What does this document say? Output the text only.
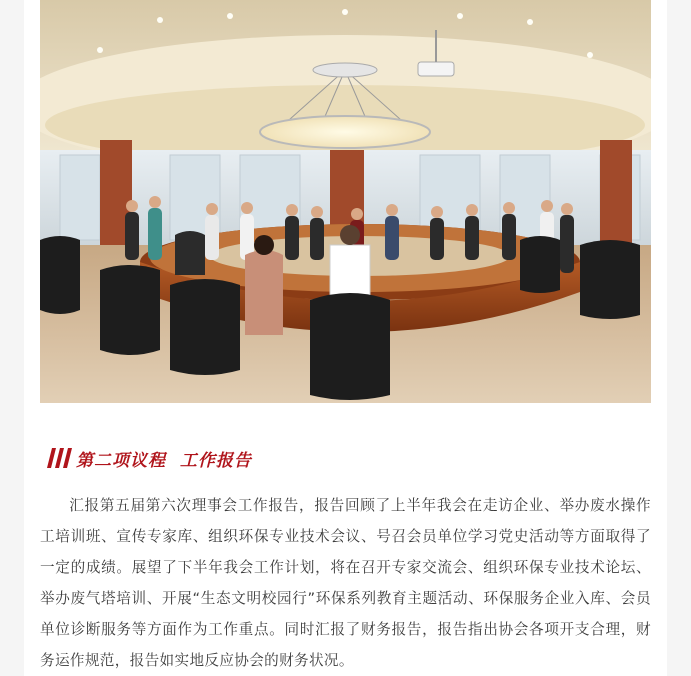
第二项议程  工作报告

汇报第五届第六次理事会工作报告，报告回顾了上半年我会在走访企业、举办废水操作工培训班、宣传专家库、组织环保专业技术会议、号召会员单位学习党史活动等方面取得了一定的成绩。展望了下半年我会工作计划，将在召开专家交流会、组织环保专业技术论坛、举办废气塔培训、开展“生态文明校园行”环保系列教育主题活动、环保服务企业入库、会员单位诊断服务等方面作为工作重点。同时汇报了财务报告，报告指出协会各项开支合理，财务运作规范，报告如实地反应协会的财务状况。
